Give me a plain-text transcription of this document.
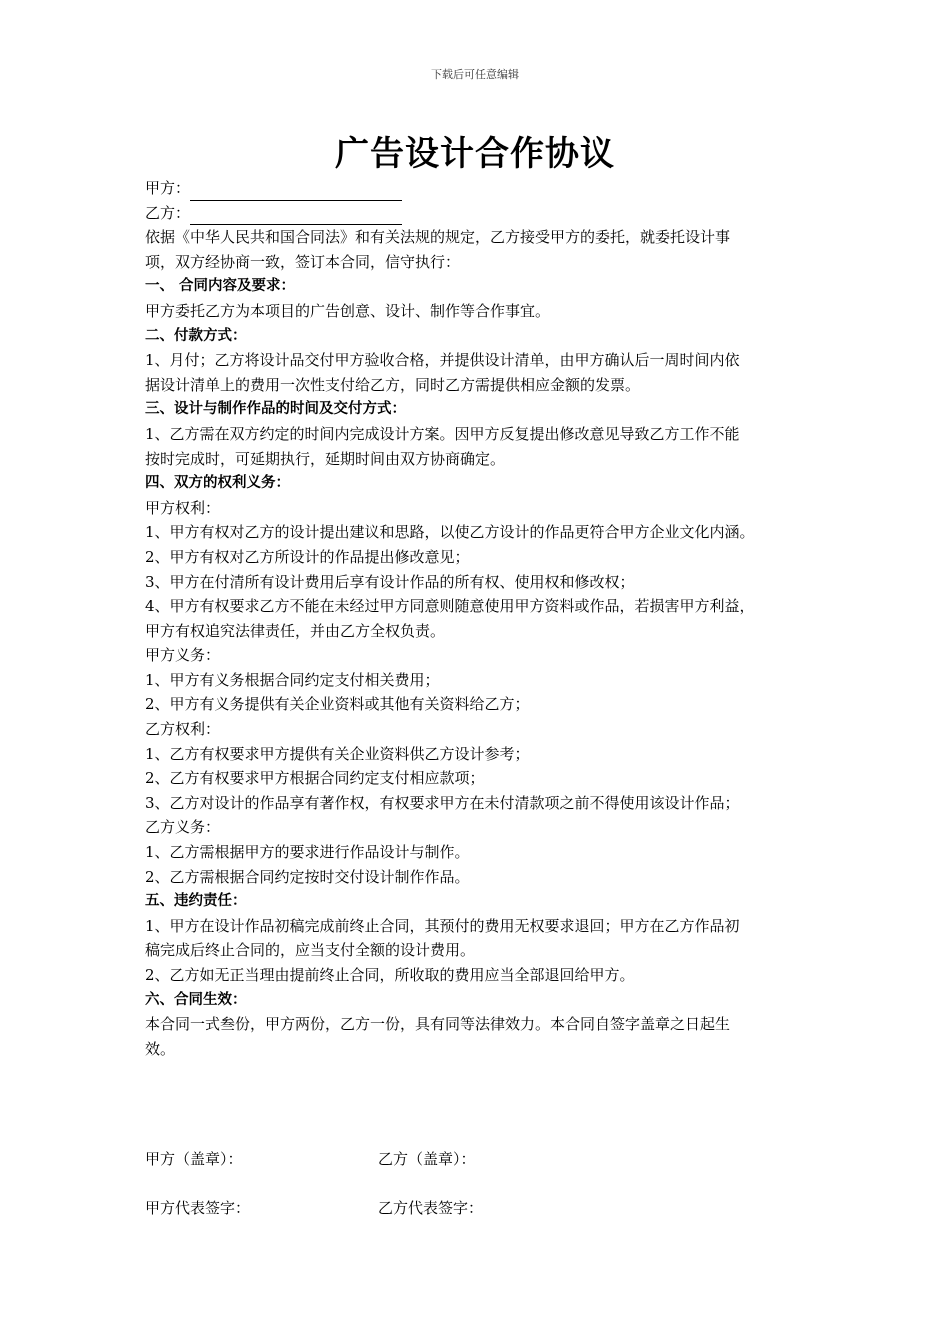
下载后可任意编辑
广告设计合作协议
甲方：
乙方：
依据《中华人民共和国合同法》和有关法规的规定，乙方接受甲方的委托，就委托设计事
项，双方经协商一致，签订本合同，信守执行：
一、 合同内容及要求：
甲方委托乙方为本项目的广告创意、设计、制作等合作事宜。
二、付款方式：
1、月付；乙方将设计品交付甲方验收合格，并提供设计清单，由甲方确认后一周时间内依
据设计清单上的费用一次性支付给乙方，同时乙方需提供相应金额的发票。
三、设计与制作作品的时间及交付方式：
1、乙方需在双方约定的时间内完成设计方案。因甲方反复提出修改意见导致乙方工作不能
按时完成时，可延期执行，延期时间由双方协商确定。
四、双方的权利义务：
甲方权利：
1、甲方有权对乙方的设计提出建议和思路，以使乙方设计的作品更符合甲方企业文化内涵。
2、甲方有权对乙方所设计的作品提出修改意见；
3、甲方在付清所有设计费用后享有设计作品的所有权、使用权和修改权；
4、甲方有权要求乙方不能在未经过甲方同意则随意使用甲方资料或作品，若损害甲方利益，
甲方有权追究法律责任，并由乙方全权负责。
甲方义务：
1、甲方有义务根据合同约定支付相关费用；
2、甲方有义务提供有关企业资料或其他有关资料给乙方；
乙方权利：
1、乙方有权要求甲方提供有关企业资料供乙方设计参考；
2、乙方有权要求甲方根据合同约定支付相应款项；
3、乙方对设计的作品享有著作权，有权要求甲方在未付清款项之前不得使用该设计作品；
乙方义务：
1、乙方需根据甲方的要求进行作品设计与制作。
2、乙方需根据合同约定按时交付设计制作作品。
五、违约责任：
1、甲方在设计作品初稿完成前终止合同，其预付的费用无权要求退回；甲方在乙方作品初
稿完成后终止合同的，应当支付全额的设计费用。
2、乙方如无正当理由提前终止合同，所收取的费用应当全部退回给甲方。
六、合同生效：
本合同一式叁份，甲方两份，乙方一份，具有同等法律效力。本合同自签字盖章之日起生
效。
甲方（盖章）：	乙方（盖章）：
甲方代表签字：	乙方代表签字：
